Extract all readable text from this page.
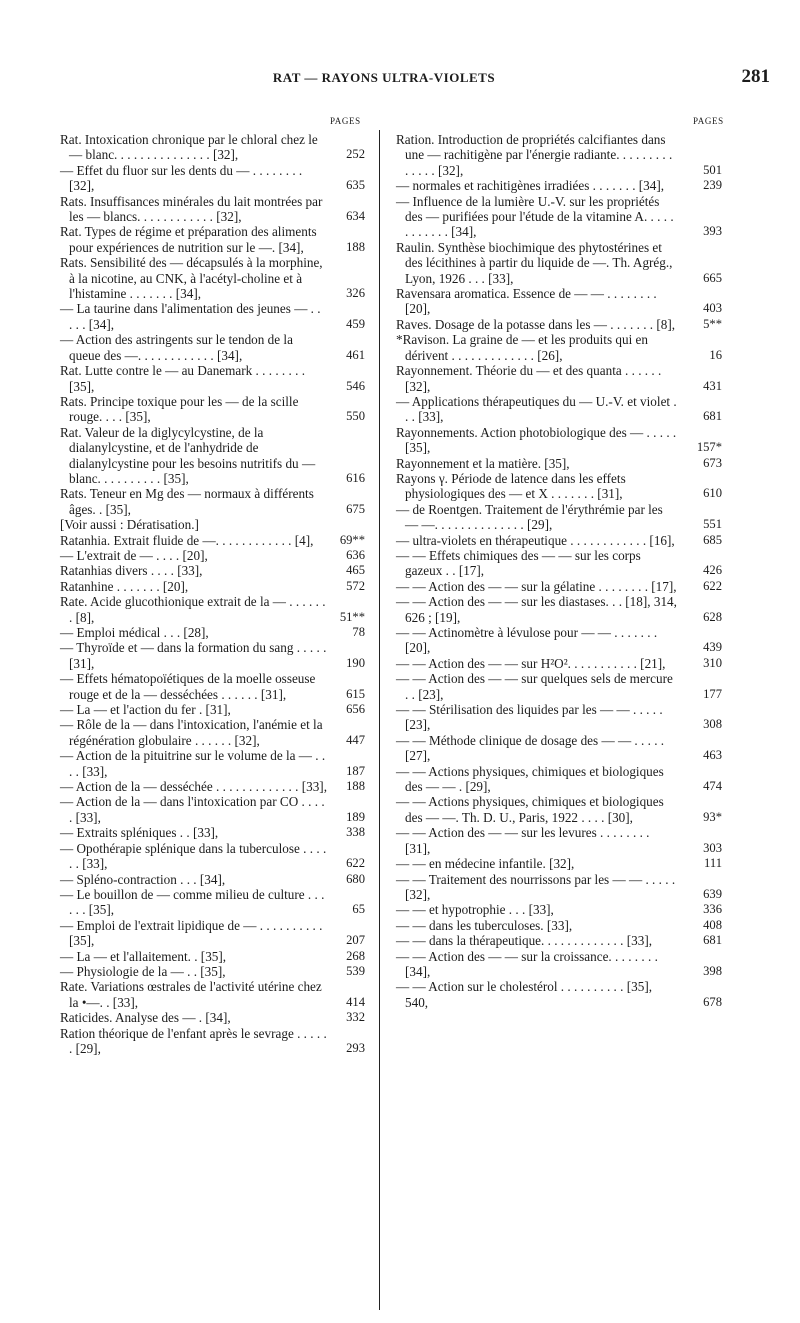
RAT — RAYONS ULTRA-VIOLETS	281
PAGES	PAGES
Rat. Intoxication chronique par le chloral chez le — blanc. . . . . . . . . . . . . . . [32],	252
— Effet du fluor sur les dents du — . . . . . . . . [32],	635
Rats. Insuffisances minérales du lait montrées par les — blancs. . . . . . . . . . . . [32],	634
Rat. Types de régime et préparation des aliments pour expériences de nutrition sur le —. [34],	188
Rats. Sensibilité des — décapsulés à la morphine, à la nicotine, au CNK, à l'acétyl-choline et à l'histamine . . . . . . . [34],	326
— La taurine dans l'alimentation des jeunes — . . . . . [34],	459
— Action des astringents sur le tendon de la queue des —. . . . . . . . . . . . [34],	461
Rat. Lutte contre le — au Danemark . . . . . . . . [35],	546
Rats. Principe toxique pour les — de la scille rouge. . . . [35],	550
Rat. Valeur de la diglycylcystine, de la dialanylcystine, et de l'anhydride de dialanylcystine pour les besoins nutritifs du — blanc. . . . . . . . . . [35],	616
Rats. Teneur en Mg des — normaux à différents âges. . [35],	675
[Voir aussi : Dératisation.]
Ratanhia. Extrait fluide de —. . . . . . . . . . . . [4],	69**
— L'extrait de — . . . . [20],	636
Ratanhias divers . . . . [33],	465
Ratanhine . . . . . . . [20],	572
Rate. Acide glucothionique extrait de la — . . . . . . . [8],	51**
— Emploi médical . . . [28],	78
— Thyroïde et — dans la formation du sang . . . . . [31],	190
— Effets hématopoïétiques de la moelle osseuse rouge et de la — desséchées . . . . . . [31],	615
— La — et l'action du fer . [31],	656
— Rôle de la — dans l'intoxication, l'anémie et la régénération globulaire . . . . . . [32],	447
— Action de la pituitrine sur le volume de la — . . . . [33],	187
— Action de la — desséchée . . . . . . . . . . . . . [33], 188
— Action de la — dans l'intoxication par CO . . . . . [33],	189
— Extraits spléniques . . [33],	338
— Opothérapie splénique dans la tuberculose . . . . . . [33],	622
— Spléno-contraction . . . [34],	680
— Le bouillon de — comme milieu de culture . . . . . . [35],	65
— Emploi de l'extrait lipidique de — . . . . . . . . . . [35],	207
— La — et l'allaitement. . [35],	268
— Physiologie de la — . . [35],	539
Rate. Variations œstrales de l'activité utérine chez la •—. . [33],	414
Raticides. Analyse des — . [34],	332
Ration théorique de l'enfant après le sevrage . . . . . . [29],	293
Ration. Introduction de propriétés calcifiantes dans une — rachitigène par l'énergie radiante. . . . . . . . . . . . . . [32],	501
— normales et rachitigènes irradiées . . . . . . . [34],	239
— Influence de la lumière U.-V. sur les propriétés des — purifiées pour l'étude de la vitamine A. . . . . . . . . . . . [34],	393
Raulin. Synthèse biochimique des phytostérines et des lécithines à partir du liquide de —. Th. Agrég., Lyon, 1926 . . . [33],	665
Ravensara aromatica. Essence de — — . . . . . . . . [20],	403
Raves. Dosage de la potasse dans les — . . . . . . . [8], 5**
*Ravison. La graine de — et les produits qui en dérivent . . . . . . . . . . . . . [26],	16
Rayonnement. Théorie du — et des quanta . . . . . . [32],	431
— Applications thérapeutiques du — U.-V. et violet . . . [33],	681
Rayonnements. Action photobiologique des — . . . . . [35],	157*
Rayonnement et la matière. [35],	673
Rayons γ. Période de latence dans les effets physiologiques des — et X . . . . . . . [31],	610
— de Roentgen. Traitement de l'érythrémie par les — —. . . . . . . . . . . . . . [29],	551
— ultra-violets en thérapeutique . . . . . . . . . . . . [16], 685
— — Effets chimiques des — — sur les corps gazeux . . [17],	426
— — Action des — — sur la gélatine . . . . . . . . [17], 622
— — Action des — — sur les diastases. . . [18], 314, 626 ; [19],	628
— — Actinomètre à lévulose pour — — . . . . . . . [20],	439
— — Action des — — sur H²O². . . . . . . . . . . [21],	310
— — Action des — — sur quelques sels de mercure . . [23],	177
— — Stérilisation des liquides par les — — . . . . . [23],	308
— — Méthode clinique de dosage des — — . . . . . [27],	463
— — Actions physiques, chimiques et biologiques des — — . [29],	474
— — Actions physiques, chimiques et biologiques des — —. Th. D. U., Paris, 1922 . . . . [30],	93*
— — Action des — — sur les levures . . . . . . . . [31],	303
— — en médecine infantile. [32],	111
— — Traitement des nourrissons par les — — . . . . . [32],	639
— — et hypotrophie . . . [33],	336
— — dans les tuberculoses. [33],	408
— — dans la thérapeutique. . . . . . . . . . . . . [33],	681
— — Action des — — sur la croissance. . . . . . . . [34],	398
— — Action sur le cholestérol . . . . . . . . . . [35], 540,	678
